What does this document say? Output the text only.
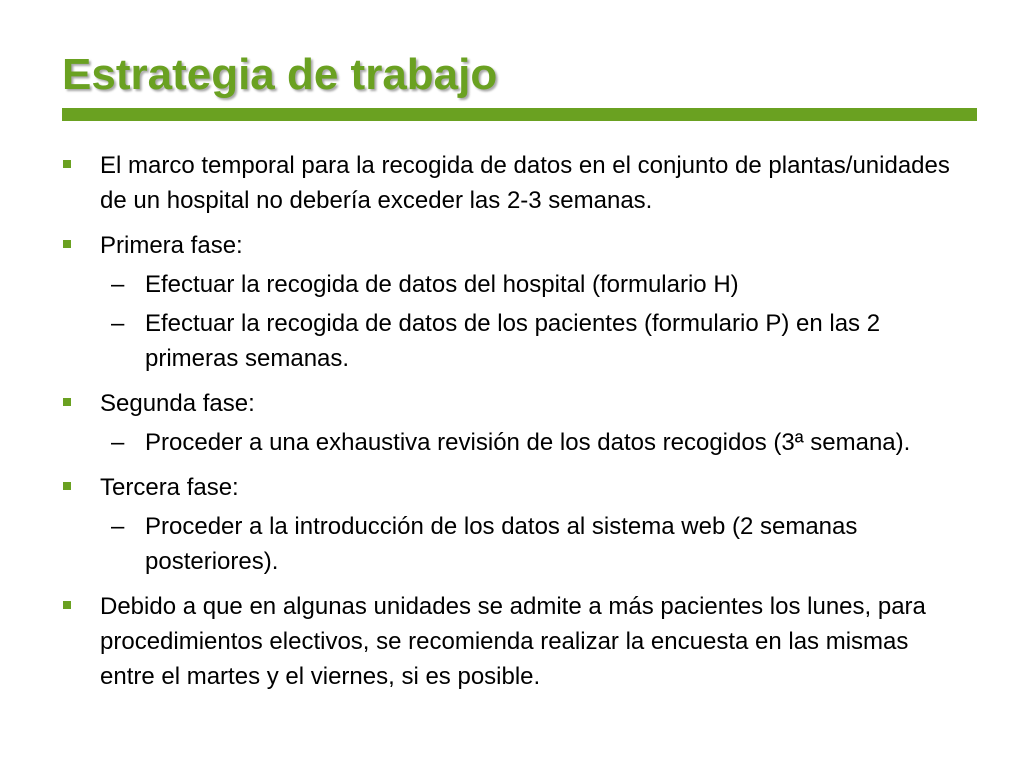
Estrategia de trabajo
El marco temporal para la recogida de datos en el conjunto de plantas/unidades de un hospital no debería exceder las 2-3 semanas.
Primera fase:
– Efectuar la recogida de datos del hospital (formulario H)
– Efectuar la recogida de datos de los pacientes (formulario P) en las 2 primeras semanas.
Segunda fase:
– Proceder a una exhaustiva revisión de los datos recogidos (3ª semana).
Tercera fase:
– Proceder a la introducción de los datos al sistema web (2 semanas posteriores).
Debido a que en algunas unidades se admite a más pacientes los lunes, para procedimientos electivos, se recomienda realizar la encuesta en las mismas entre el martes y el viernes, si es posible.
